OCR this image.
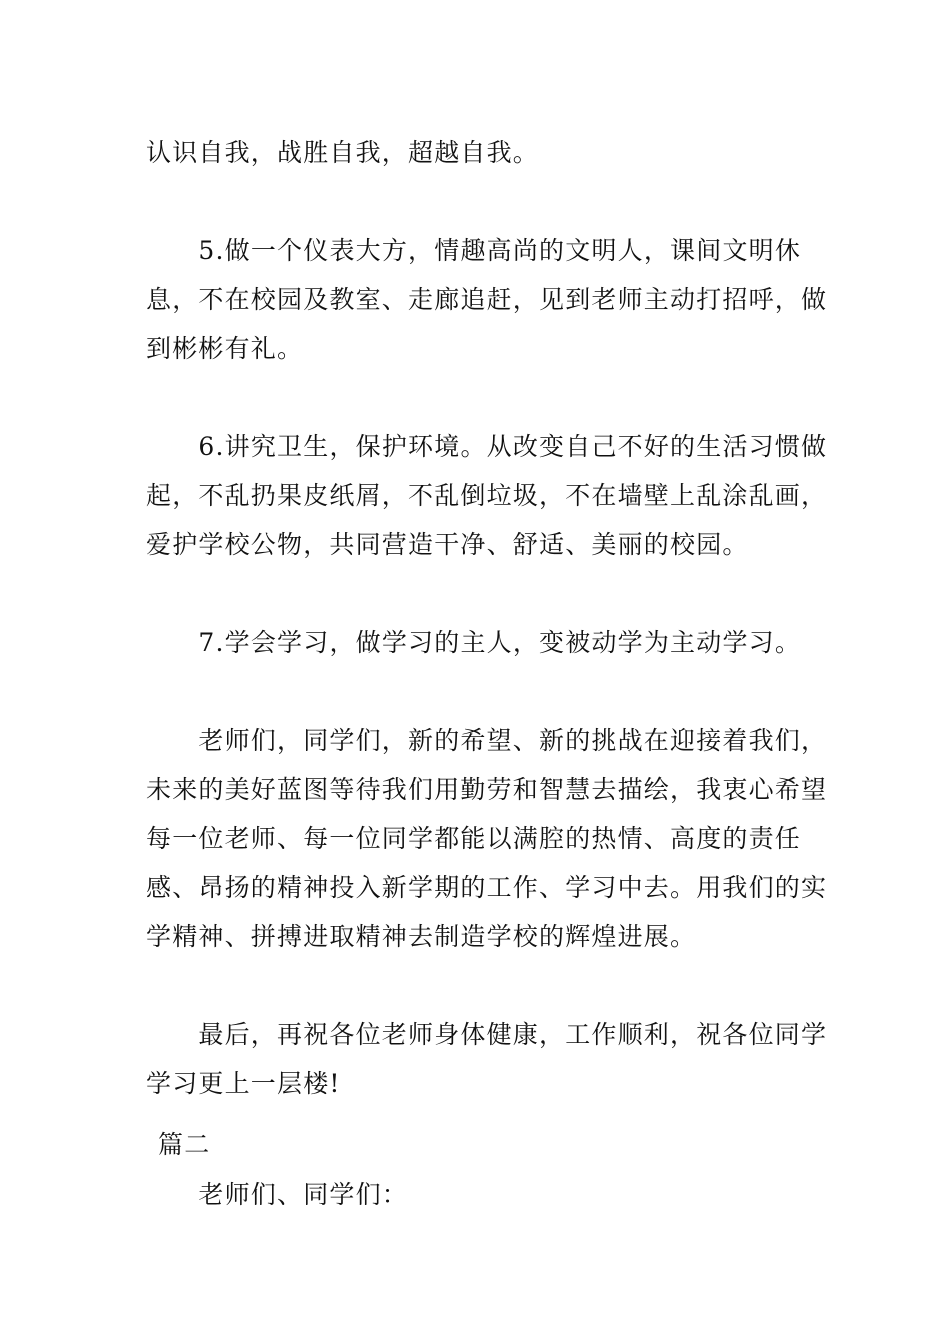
认识自我，战胜自我，超越自我。

　　5.做一个仪表大方，情趣高尚的文明人，课间文明休息，不在校园及教室、走廊追赶，见到老师主动打招呼，做到彬彬有礼。

　　6.讲究卫生，保护环境。从改变自己不好的生活习惯做起，不乱扔果皮纸屑，不乱倒垃圾，不在墙壁上乱涂乱画，爱护学校公物，共同营造干净、舒适、美丽的校园。

　　7.学会学习，做学习的主人，变被动学为主动学习。

　　老师们，同学们，新的希望、新的挑战在迎接着我们，未来的美好蓝图等待我们用勤劳和智慧去描绘，我衷心希望每一位老师、每一位同学都能以满腔的热情、高度的责任感、昂扬的精神投入新学期的工作、学习中去。用我们的实学精神、拼搏进取精神去制造学校的辉煌进展。

　　最后，再祝各位老师身体健康，工作顺利，祝各位同学学习更上一层楼!

篇二

　　老师们、同学们：
